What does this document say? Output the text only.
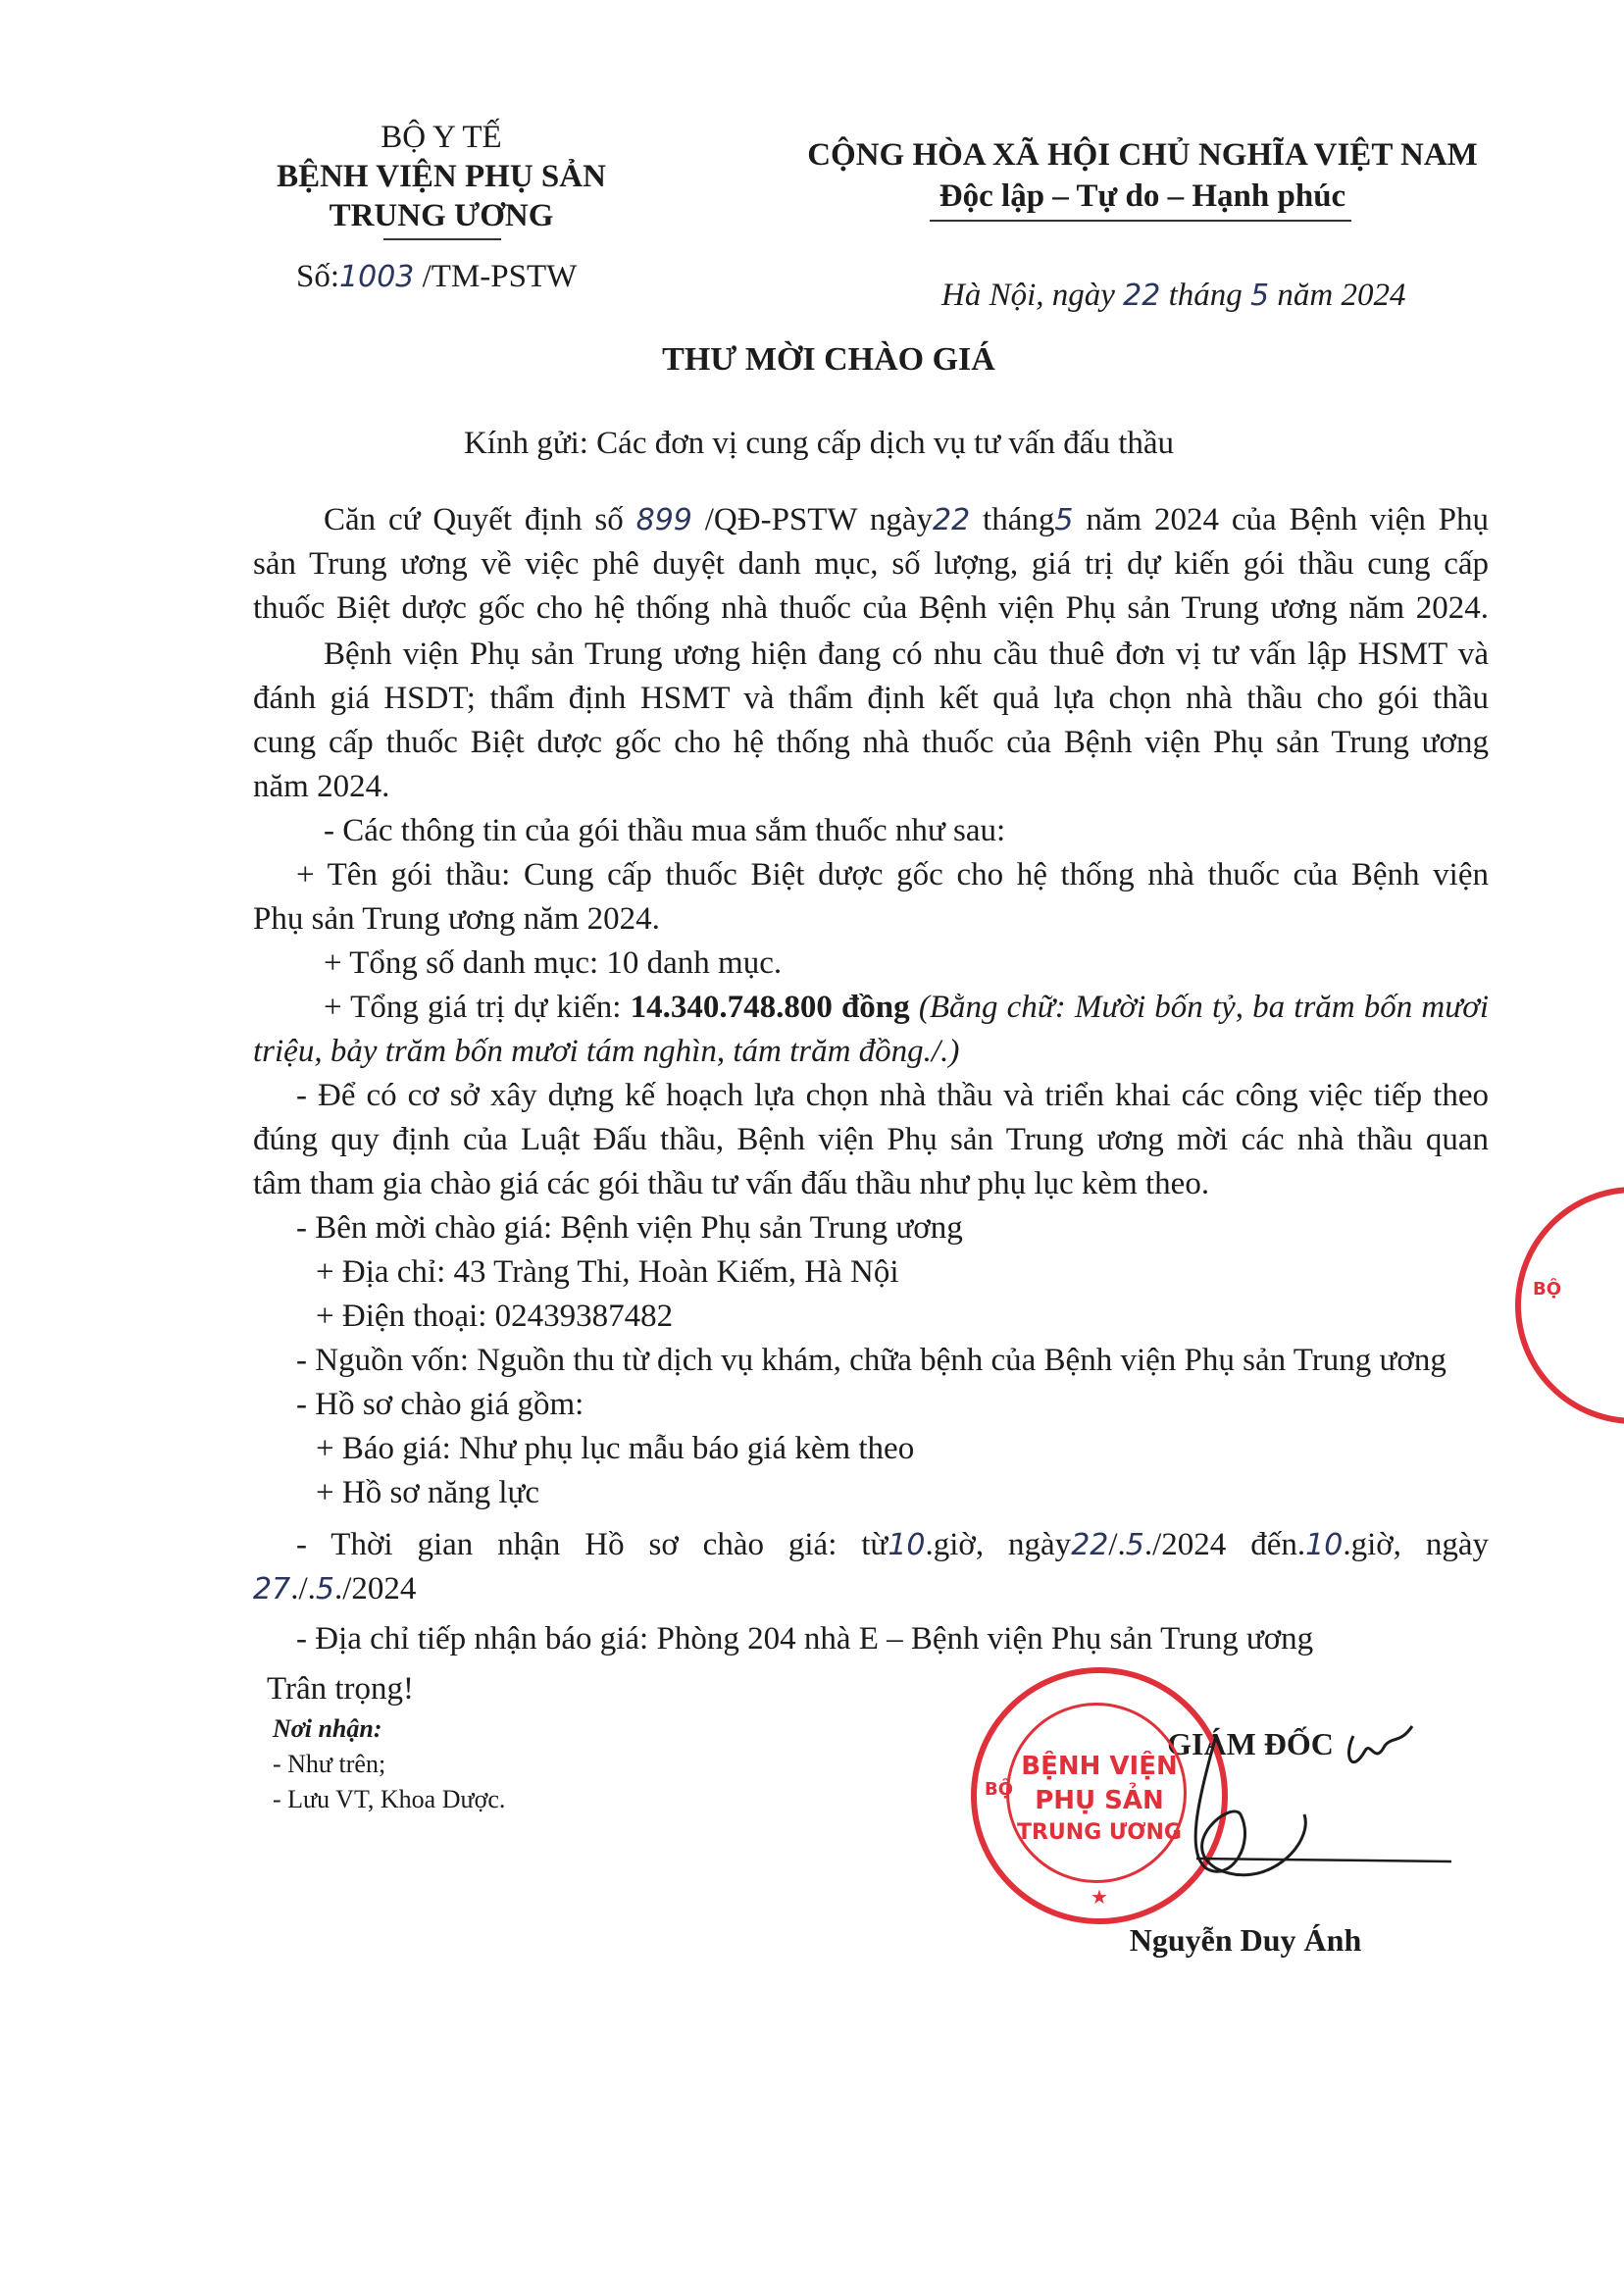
BỘ Y TẾ
BỆNH VIỆN PHỤ SẢN
TRUNG ƯƠNG
Số:1003 /TM-PSTW
CỘNG HÒA XÃ HỘI CHỦ NGHĨA VIỆT NAM
Độc lập – Tự do – Hạnh phúc
Hà Nội, ngày 22 tháng 5 năm 2024
THƯ MỜI CHÀO GIÁ
Kính gửi: Các đơn vị cung cấp dịch vụ tư vấn đấu thầu
Căn cứ Quyết định số 899 /QĐ-PSTW ngày22 tháng5 năm 2024 của Bệnh viện Phụ
sản Trung ương về việc phê duyệt danh mục, số lượng, giá trị dự kiến gói thầu cung cấp
thuốc Biệt dược gốc cho hệ thống nhà thuốc của Bệnh viện Phụ sản Trung ương năm 2024.
Bệnh viện Phụ sản Trung ương hiện đang có nhu cầu thuê đơn vị tư vấn lập HSMT và
đánh giá HSDT; thẩm định HSMT và thẩm định kết quả lựa chọn nhà thầu cho gói thầu
cung cấp thuốc Biệt dược gốc cho hệ thống nhà thuốc của Bệnh viện Phụ sản Trung ương
năm 2024.
- Các thông tin của gói thầu mua sắm thuốc như sau:
+ Tên gói thầu: Cung cấp thuốc Biệt dược gốc cho hệ thống nhà thuốc của Bệnh viện
Phụ sản Trung ương năm 2024.
+ Tổng số danh mục: 10 danh mục.
+ Tổng giá trị dự kiến: 14.340.748.800 đồng (Bằng chữ: Mười bốn tỷ, ba trăm bốn mươi
triệu, bảy trăm bốn mươi tám nghìn, tám trăm đồng./.)
- Để có cơ sở xây dựng kế hoạch lựa chọn nhà thầu và triển khai các công việc tiếp theo
đúng quy định của Luật Đấu thầu, Bệnh viện Phụ sản Trung ương mời các nhà thầu quan
tâm tham gia chào giá các gói thầu tư vấn đấu thầu như phụ lục kèm theo.
- Bên mời chào giá: Bệnh viện Phụ sản Trung ương
+ Địa chỉ: 43 Tràng Thi, Hoàn Kiếm, Hà Nội
+ Điện thoại: 02439387482
- Nguồn vốn: Nguồn thu từ dịch vụ khám, chữa bệnh của Bệnh viện Phụ sản Trung ương
- Hồ sơ chào giá gồm:
+ Báo giá: Như phụ lục mẫu báo giá kèm theo
+ Hồ sơ năng lực
- Thời gian nhận Hồ sơ chào giá: từ10.giờ, ngày22/.5./2024 đến.10.giờ, ngày
27./.5./2024
- Địa chỉ tiếp nhận báo giá: Phòng 204 nhà E – Bệnh viện Phụ sản Trung ương
Trân trọng!
Nơi nhận:
- Như trên;
- Lưu VT, Khoa Dược.
GIÁM ĐỐC
BỆNH VIỆN
PHỤ SẢN
TRUNG ƯƠNG
BỘ
★
BỘ
Nguyễn Duy Ánh
